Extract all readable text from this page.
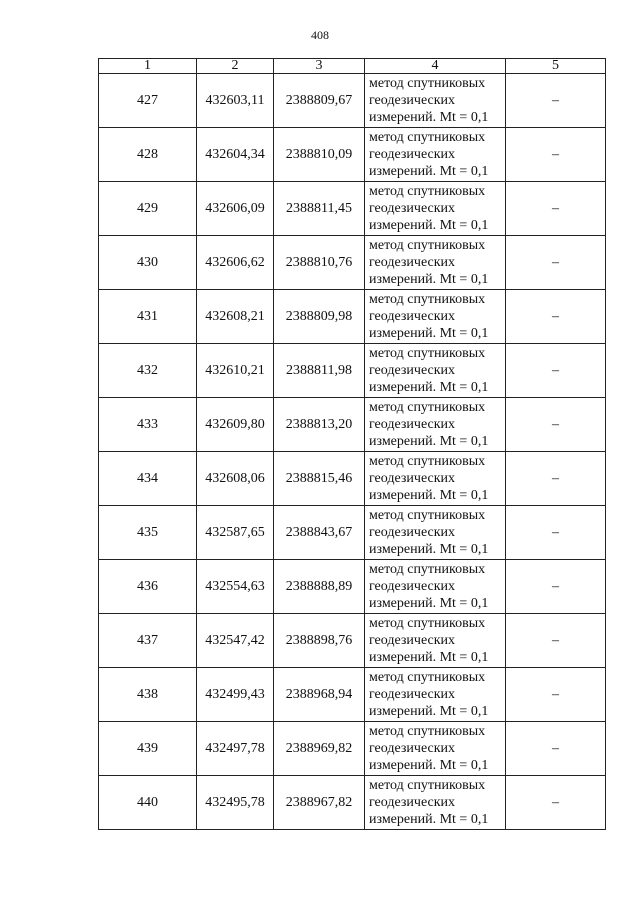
408
1	2	3	4	5
427	432603,11	2388809,67	метод спутниковых
геодезических
измерений. Mt = 0,1	–
428	432604,34	2388810,09	метод спутниковых
геодезических
измерений. Mt = 0,1	–
429	432606,09	2388811,45	метод спутниковых
геодезических
измерений. Mt = 0,1	–
430	432606,62	2388810,76	метод спутниковых
геодезических
измерений. Mt = 0,1	–
431	432608,21	2388809,98	метод спутниковых
геодезических
измерений. Mt = 0,1	–
432	432610,21	2388811,98	метод спутниковых
геодезических
измерений. Mt = 0,1	–
433	432609,80	2388813,20	метод спутниковых
геодезических
измерений. Mt = 0,1	–
434	432608,06	2388815,46	метод спутниковых
геодезических
измерений. Mt = 0,1	–
435	432587,65	2388843,67	метод спутниковых
геодезических
измерений. Mt = 0,1	–
436	432554,63	2388888,89	метод спутниковых
геодезических
измерений. Mt = 0,1	–
437	432547,42	2388898,76	метод спутниковых
геодезических
измерений. Mt = 0,1	–
438	432499,43	2388968,94	метод спутниковых
геодезических
измерений. Mt = 0,1	–
439	432497,78	2388969,82	метод спутниковых
геодезических
измерений. Mt = 0,1	–
440	432495,78	2388967,82	метод спутниковых
геодезических
измерений. Mt = 0,1	–
